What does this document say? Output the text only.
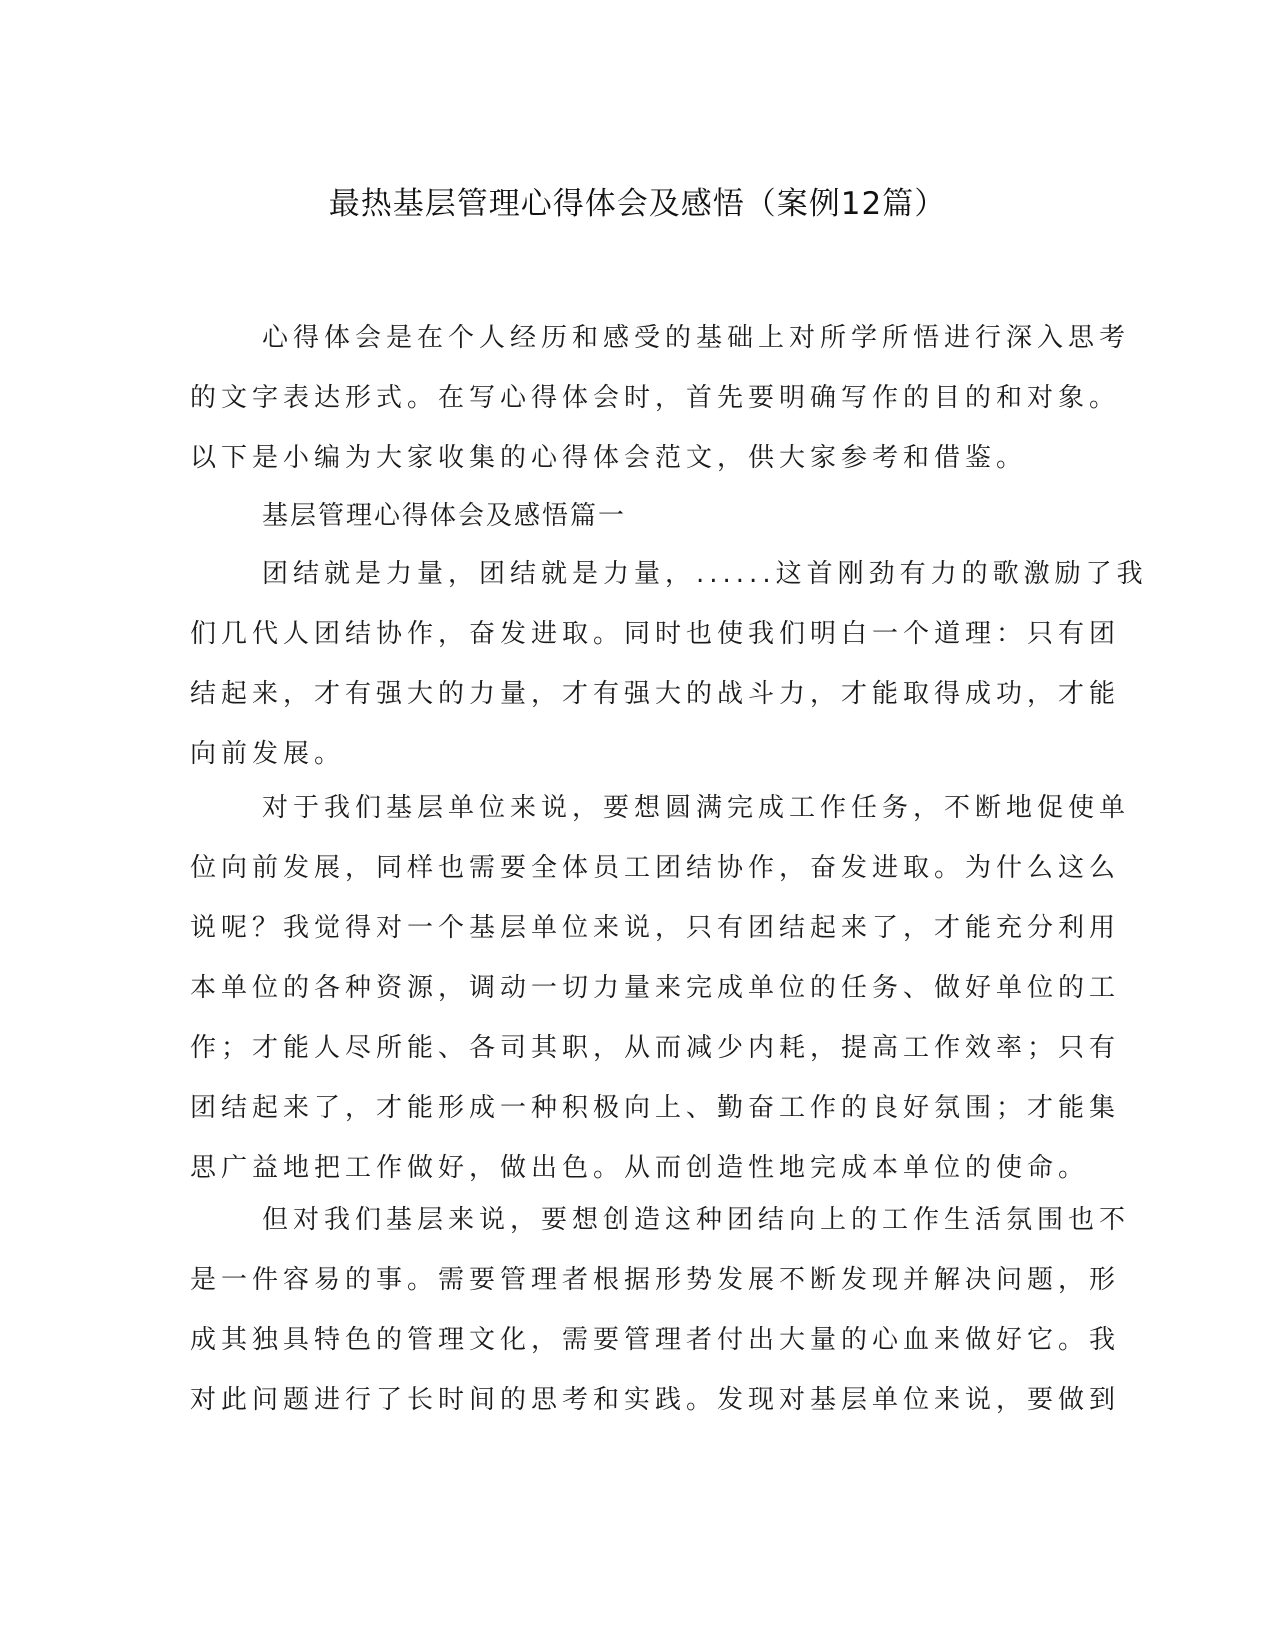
最热基层管理心得体会及感悟（案例12篇）
心得体会是在个人经历和感受的基础上对所学所悟进行深入思考
的文字表达形式。在写心得体会时，首先要明确写作的目的和对象。
以下是小编为大家收集的心得体会范文，供大家参考和借鉴。
基层管理心得体会及感悟篇一
团结就是力量，团结就是力量，......这首刚劲有力的歌激励了我
们几代人团结协作，奋发进取。同时也使我们明白一个道理：只有团
结起来，才有强大的力量，才有强大的战斗力，才能取得成功，才能
向前发展。
对于我们基层单位来说，要想圆满完成工作任务，不断地促使单
位向前发展，同样也需要全体员工团结协作，奋发进取。为什么这么
说呢？我觉得对一个基层单位来说，只有团结起来了，才能充分利用
本单位的各种资源，调动一切力量来完成单位的任务、做好单位的工
作；才能人尽所能、各司其职，从而减少内耗，提高工作效率；只有
团结起来了，才能形成一种积极向上、勤奋工作的良好氛围；才能集
思广益地把工作做好，做出色。从而创造性地完成本单位的使命。
但对我们基层来说，要想创造这种团结向上的工作生活氛围也不
是一件容易的事。需要管理者根据形势发展不断发现并解决问题，形
成其独具特色的管理文化，需要管理者付出大量的心血来做好它。我
对此问题进行了长时间的思考和实践。发现对基层单位来说，要做到
